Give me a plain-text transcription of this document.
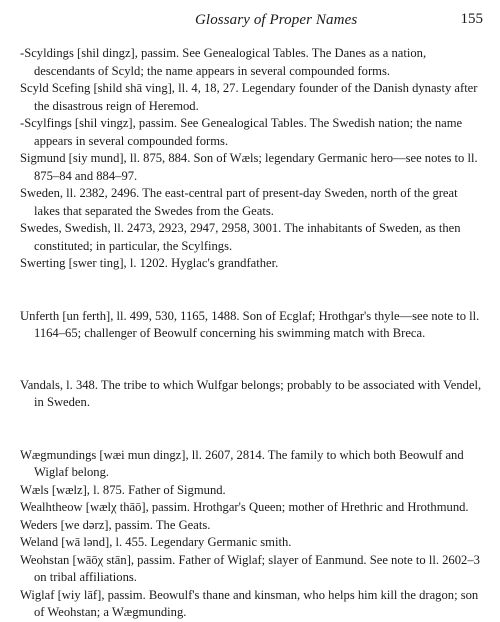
Glossary of Proper Names	155

-Scyldings [shil dingz], passim. See Genealogical Tables. The Danes as a nation, descendants of Scyld; the name appears in several compounded forms.

Scyld Scefing [shild shā ving], ll. 4, 18, 27. Legendary founder of the Danish dynasty after the disastrous reign of Heremod.

-Scylfings [shil vingz], passim. See Genealogical Tables. The Swedish nation; the name appears in several compounded forms.

Sigmund [siy mund], ll. 875, 884. Son of Wæls; legendary Germanic hero—see notes to ll. 875–84 and 884–97.

Sweden, ll. 2382, 2496. The east-central part of present-day Sweden, north of the great lakes that separated the Swedes from the Geats.

Swedes, Swedish, ll. 2473, 2923, 2947, 2958, 3001. The inhabitants of Sweden, as then constituted; in particular, the Scylfings.

Swerting [swer ting], l. 1202. Hyglac's grandfather.

Unferth [un ferth], ll. 499, 530, 1165, 1488. Son of Ecglaf; Hrothgar's thyle—see note to ll. 1164–65; challenger of Beowulf concerning his swimming match with Breca.

Vandals, l. 348. The tribe to which Wulfgar belongs; probably to be associated with Vendel, in Sweden.

Wægmundings [wæi mun dingz], ll. 2607, 2814. The family to which both Beowulf and Wiglaf belong.

Wæls [wælz], l. 875. Father of Sigmund.

Wealhtheow [wælχ thāō], passim. Hrothgar's Queen; mother of Hrethric and Hrothmund.

Weders [we dərz], passim. The Geats.

Weland [wā lənd], l. 455. Legendary Germanic smith.

Weohstan [wāōχ stān], passim. Father of Wiglaf; slayer of Eanmund. See note to ll. 2602–3 on tribal affiliations.

Wiglaf [wiy lāf], passim. Beowulf's thane and kinsman, who helps him kill the dragon; son of Weohstan; a Wægmunding.
